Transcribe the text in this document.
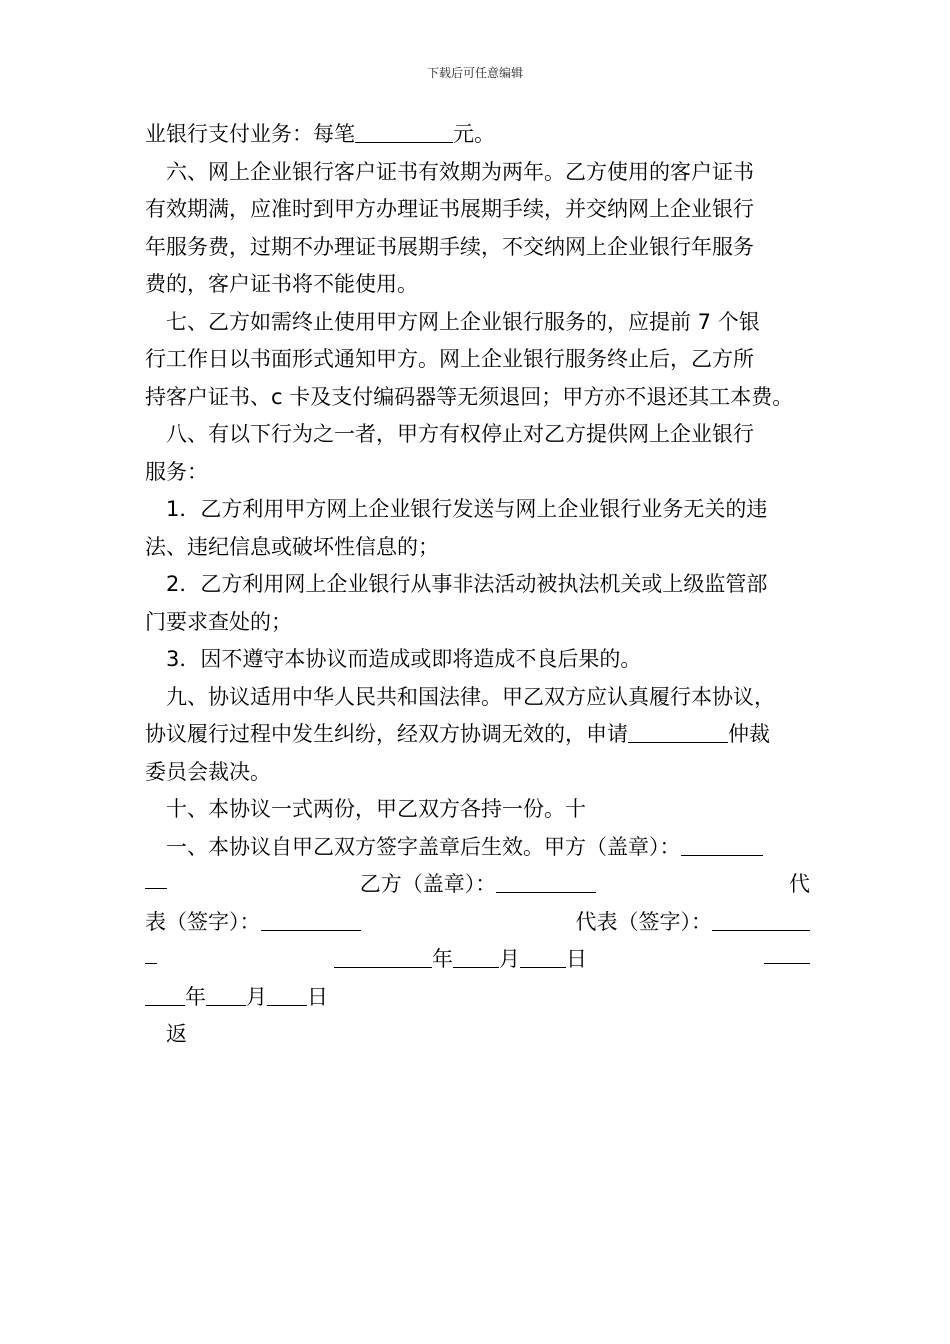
下载后可任意编辑
业银行支付业务：每笔	元。
六、网上企业银行客户证书有效期为两年。乙方使用的客户证书
有效期满，应准时到甲方办理证书展期手续，并交纳网上企业银行
年服务费，过期不办理证书展期手续，不交纳网上企业银行年服务
费的，客户证书将不能使用。
七、乙方如需终止使用甲方网上企业银行服务的，应提前 7 个银
行工作日以书面形式通知甲方。网上企业银行服务终止后，乙方所
持客户证书、c 卡及支付编码器等无须退回；甲方亦不退还其工本费。
八、有以下行为之一者，甲方有权停止对乙方提供网上企业银行
服务：
1．乙方利用甲方网上企业银行发送与网上企业银行业务无关的违
法、违纪信息或破坏性信息的；
2．乙方利用网上企业银行从事非法活动被执法机关或上级监管部
门要求查处的；
3．因不遵守本协议而造成或即将造成不良后果的。
九、协议适用中华人民共和国法律。甲乙双方应认真履行本协议，
协议履行过程中发生纠纷，经双方协调无效的，申请	仲裁
委员会裁决。
十、本协议一式两份，甲乙双方各持一份。十
一、本协议自甲乙双方签字盖章后生效。甲方（盖章）：
乙方（盖章）：	代
表（签字）：	代表（签字）：
年 月 日
年 月 日
返
